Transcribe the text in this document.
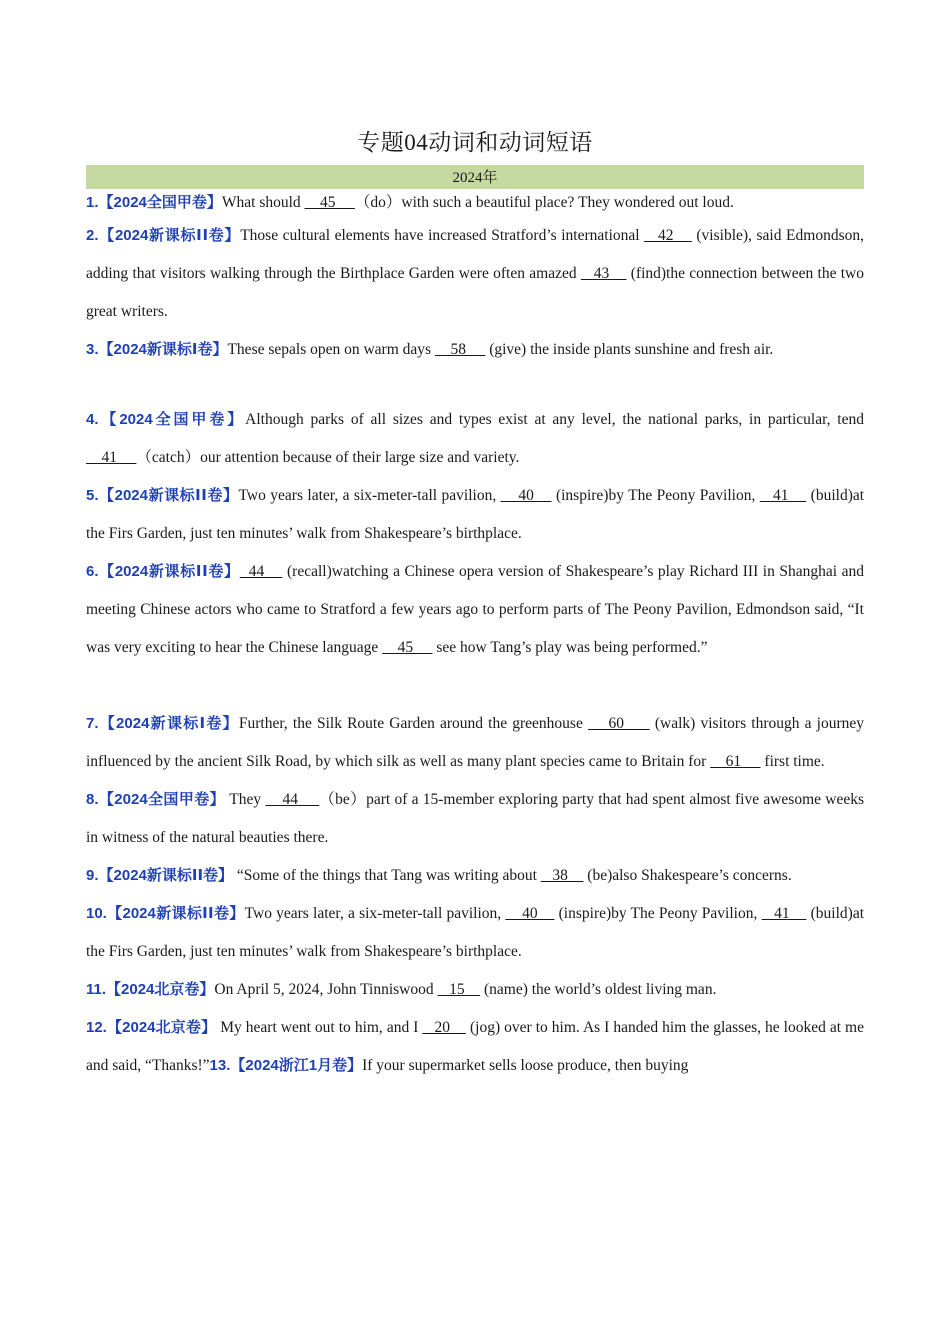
专题04动词和动词短语
2024年

1.【2024全国甲卷】What should     45     （do）with such a beautiful place? They wondered out loud.

2.【2024新课标ⅠⅠ卷】Those cultural elements have increased Stratford’s international    42     (visible), said Edmondson, adding that visitors walking through the Birthplace Garden were often amazed    43     (find)the connection between the two great writers.

3.【2024新课标Ⅰ卷】These sepals open on warm days     58      (give) the inside plants sunshine and fresh air.

4.【2024全国甲卷】Although parks of all sizes and types exist at any level, the national parks, in particular, tend     41     （catch）our attention because of their large size and variety.

5.【2024新课标ⅠⅠ卷】Two years later, a six-meter-tall pavilion,     40     (inspire)by The Peony Pavilion,    41     (build)at the Firs Garden, just ten minutes’ walk from Shakespeare’s birthplace.

6.【2024新课标ⅠⅠ卷】  44     (recall)watching a Chinese opera version of Shakespeare’s play Richard III in Shanghai and meeting Chinese actors who came to Stratford a few years ago to perform parts of The Peony Pavilion, Edmondson said, “It was very exciting to hear the Chinese language     45      see how Tang’s play was being performed.”

7.【2024新课标Ⅰ卷】Further, the Silk Route Garden around the greenhouse     60      (walk) visitors through a journey influenced by the ancient Silk Road, by which silk as well as many plant species came to Britain for     61      first time.

8.【2024全国甲卷】 They     44     （be）part of a 15-member exploring party that had spent almost five awesome weeks in witness of the natural beauties there.

9.【2024新课标ⅠⅠ卷】 “Some of the things that Tang was writing about    38     (be)also Shakespeare’s concerns.

10.【2024新课标ⅠⅠ卷】Two years later, a six-meter-tall pavilion,     40     (inspire)by The Peony Pavilion,    41     (build)at the Firs Garden, just ten minutes’ walk from Shakespeare’s birthplace.

11.【2024北京卷】On April 5, 2024, John Tinniswood    15     (name) the world’s oldest living man.

12.【2024北京卷】 My heart went out to him, and I    20     (jog) over to him. As I handed him the glasses, he looked at me and said, “Thanks!”13.【2024浙江1月卷】If your supermarket sells loose produce, then buying
